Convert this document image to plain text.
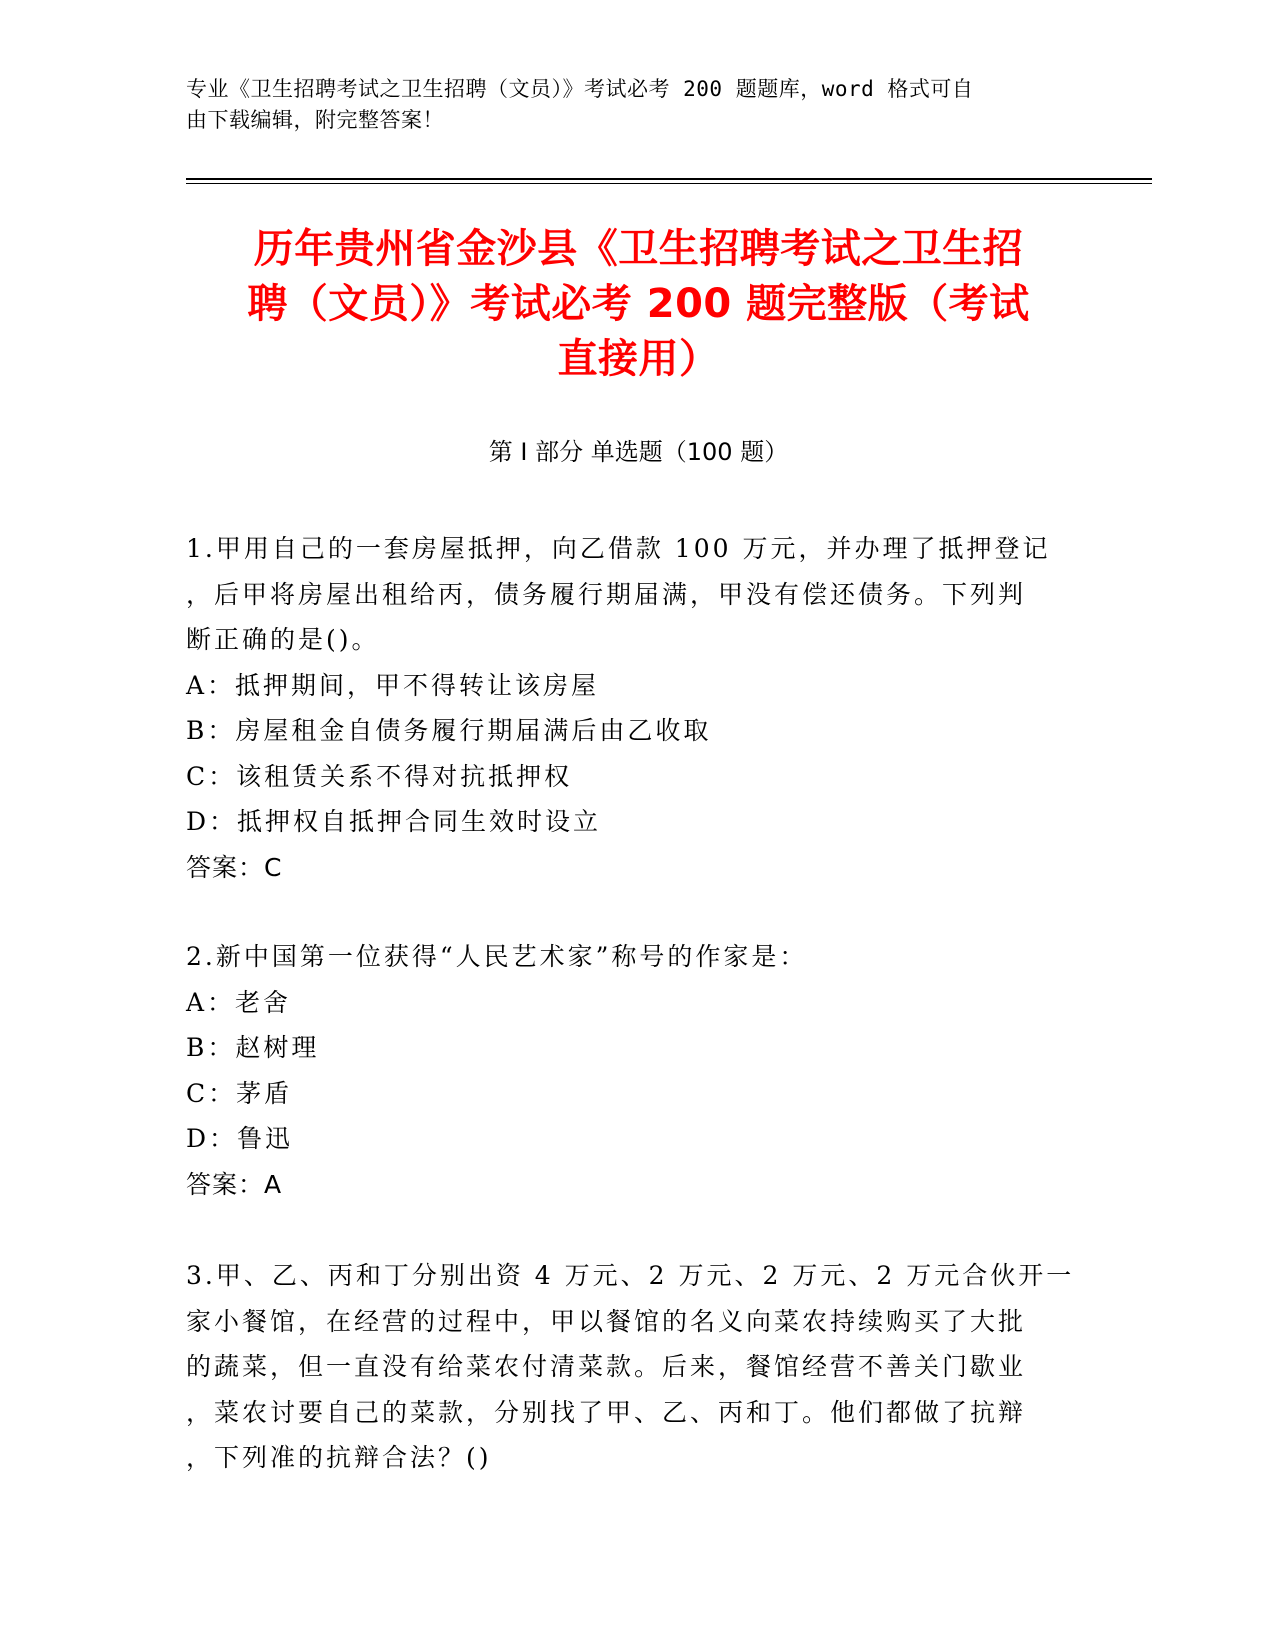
专业《卫生招聘考试之卫生招聘（文员）》考试必考 200 题题库，word 格式可自
由下载编辑，附完整答案！
历年贵州省金沙县《卫生招聘考试之卫生招
聘（文员）》考试必考 200 题完整版（考试
直接用）
第 I 部分 单选题（100 题）
1.甲用自己的一套房屋抵押，向乙借款 100 万元，并办理了抵押登记
，后甲将房屋出租给丙，债务履行期届满，甲没有偿还债务。下列判
断正确的是()。
A：抵押期间，甲不得转让该房屋
B：房屋租金自债务履行期届满后由乙收取
C：该租赁关系不得对抗抵押权
D：抵押权自抵押合同生效时设立
答案：C
2.新中国第一位获得“人民艺术家”称号的作家是：
A：老舍
B：赵树理
C：茅盾
D：鲁迅
答案：A
3.甲、乙、丙和丁分别出资 4 万元、2 万元、2 万元、2 万元合伙开一
家小餐馆，在经营的过程中，甲以餐馆的名义向菜农持续购买了大批
的蔬菜，但一直没有给菜农付清菜款。后来，餐馆经营不善关门歇业
，菜农讨要自己的菜款，分别找了甲、乙、丙和丁。他们都做了抗辩
，下列准的抗辩合法？()
